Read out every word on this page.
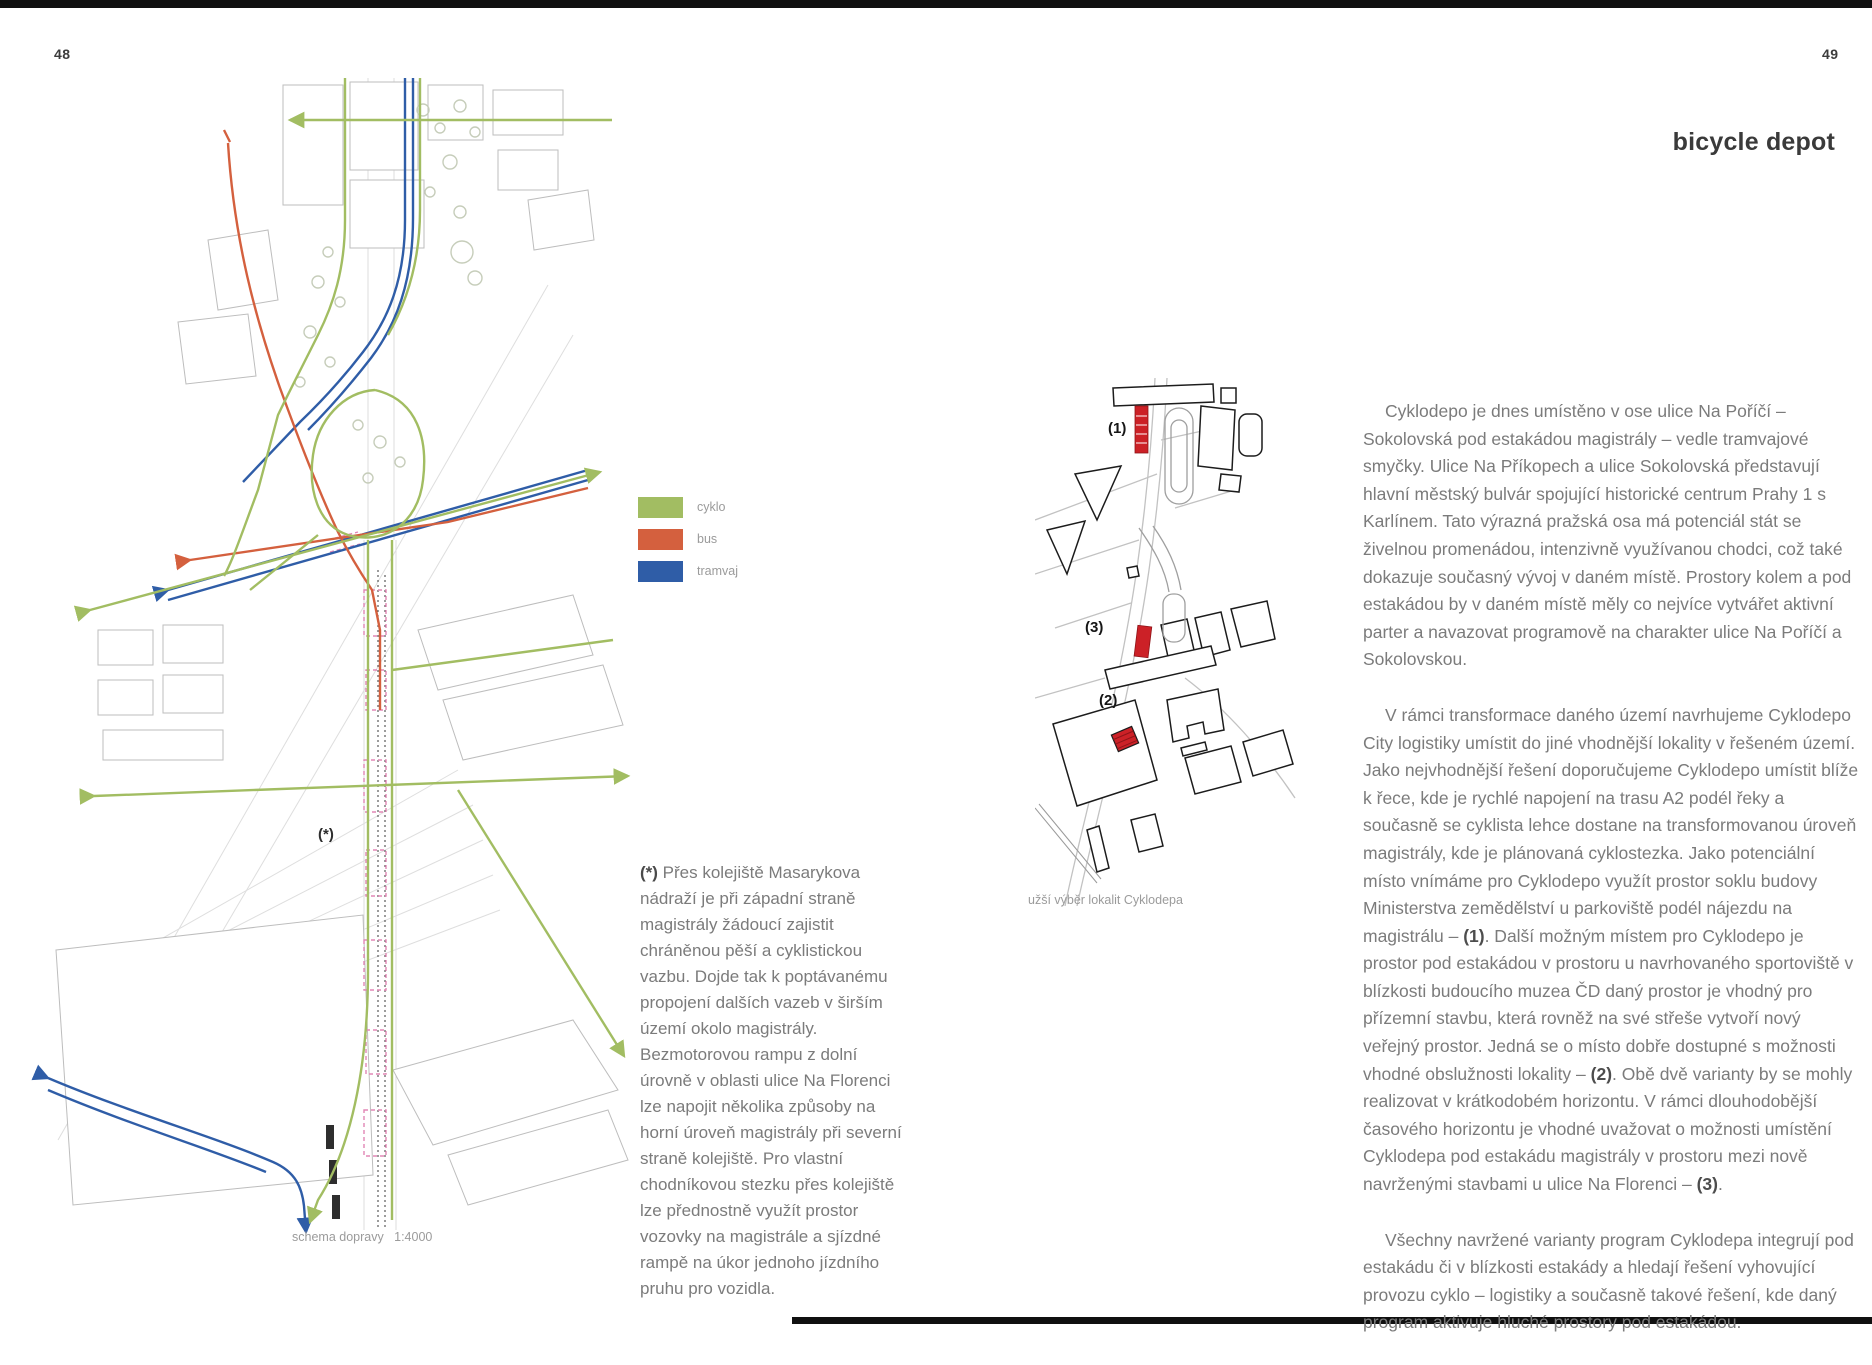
48	49
bicycle depot
(*)
cyklo
bus
tramvaj
schema dopravy   1:4000
(*) Přes kolejiště Masarykova nádraží je při západní straně magistrály žádoucí zajistit chráněnou pěší a cyklistickou vazbu. Dojde tak k poptávanému propojení dalších vazeb v širším území okolo magistrály. Bezmotorovou rampu z dolní úrovně v oblasti ulice Na Florenci lze napojit několika způsoby na horní úroveň magistrály při severní straně kolejiště. Pro vlastní chodníkovou stezku přes kolejiště lze přednostně využít prostor vozovky na magistrále a sjízdné rampě na úkor jednoho jízdního pruhu pro vozidla.
(1)
(3)
(2)
užší výběr lokalit Cyklodepa

Cyklodepo je dnes umístěno v ose ulice Na Poříčí – Sokolovská pod estakádou magistrály – vedle tramvajové smyčky. Ulice Na Příkopech a ulice Sokolovská představují hlavní městský bulvár spojující historické centrum Prahy 1 s Karlínem. Tato výrazná pražská osa má potenciál stát se živelnou promenádou, intenzivně využívanou chodci, což také dokazuje současný vývoj v daném místě. Prostory kolem a pod estakádou by v daném místě měly co nejvíce vytvářet aktivní parter a navazovat programově na charakter ulice Na Poříčí a Sokolovskou.

V rámci transformace daného území navrhujeme Cyklodepo City logistiky umístit do jiné vhodnější lokality v řešeném území. Jako nejvhodnější řešení doporučujeme Cyklodepo umístit blíže k řece, kde je rychlé napojení na trasu A2 podél řeky a současně se cyklista lehce dostane na transformovanou úroveň magistrály, kde je plánovaná cyklostezka. Jako potenciální místo vnímáme pro Cyklodepo využít prostor soklu budovy Ministerstva zemědělství u parkoviště podél nájezdu na magistrálu – (1). Další možným místem pro Cyklodepo je prostor pod estakádou v prostoru u navrhovaného sportoviště v blízkosti budoucího muzea ČD daný prostor je vhodný pro přízemní stavbu, která rovněž na své střeše vytvoří nový veřejný prostor. Jedná se o místo dobře dostupné s možnosti vhodné obslužnosti lokality – (2). Obě dvě varianty by se mohly realizovat v krátkodobém horizontu. V rámci dlouhodobější časového horizontu je vhodné uvažovat o možnosti umístění Cyklodepa pod estakádu magistrály v prostoru mezi nově navrženými stavbami u ulice Na Florenci – (3).

Všechny navržené varianty program Cyklodepa integrují pod estakádu či v blízkosti estakády a hledají řešení vyhovující provozu cyklo – logistiky a současně takové řešení, kde daný program aktivuje hluché prostory pod estakádou.
